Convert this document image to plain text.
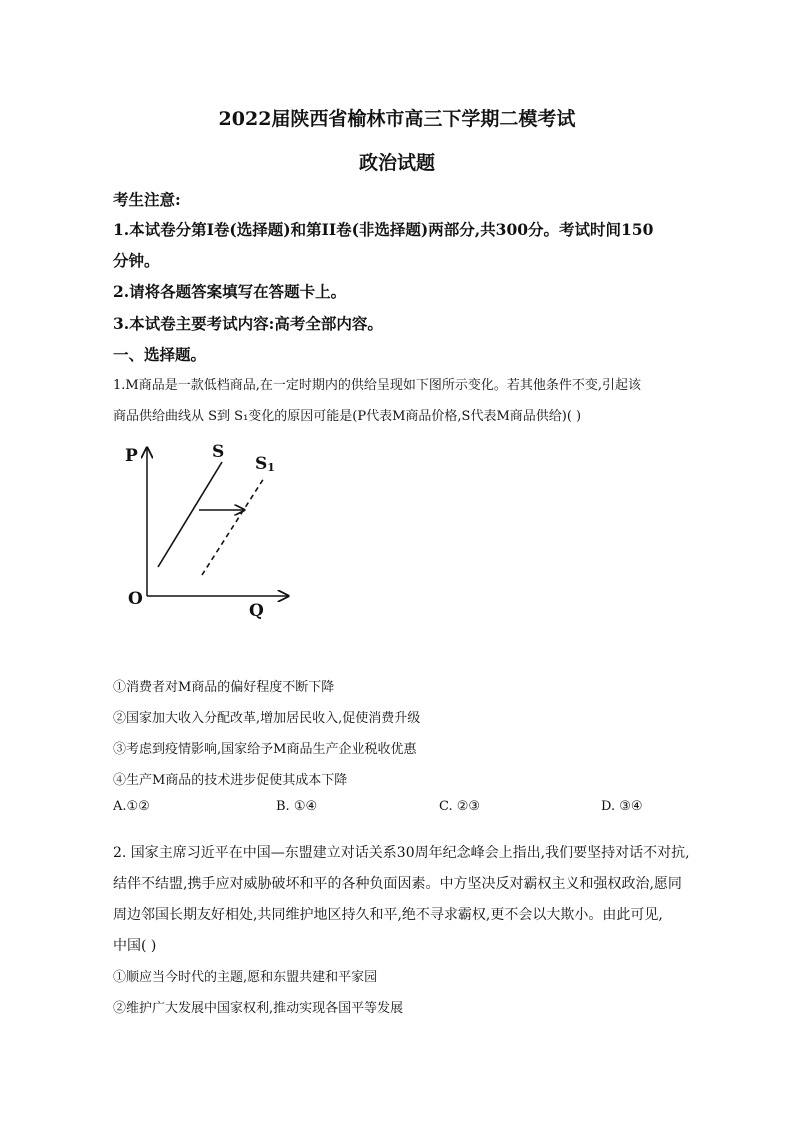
2022届陕西省榆林市高三下学期二模考试
政治试题
考生注意:
1.本试卷分第I卷(选择题)和第II卷(非选择题)两部分,共300分。考试时间150
分钟。
2.请将各题答案填写在答题卡上。
3.本试卷主要考试内容:高考全部内容。
一、选择题。
1.M商品是一款低档商品,在一定时期内的供给呈现如下图所示变化。若其他条件不变,引起该
商品供给曲线从 S到 S₁变化的原因可能是(P代表M商品价格,S代表M商品供给)( )
P
Q
O
S
S1
①消费者对M商品的偏好程度不断下降
②国家加大收入分配改革,增加居民收入,促使消费升级
③考虑到疫情影响,国家给予M商品生产企业税收优惠
④生产M商品的技术进步促使其成本下降
A.①②	B. ①④	C. ②③	D. ③④
2. 国家主席习近平在中国—东盟建立对话关系30周年纪念峰会上指出,我们要坚持对话不对抗,
结伴不结盟,携手应对威胁破坏和平的各种负面因素。中方坚决反对霸权主义和强权政治,愿同
周边邻国长期友好相处,共同维护地区持久和平,绝不寻求霸权,更不会以大欺小。由此可见,
中国( )
①顺应当今时代的主题,愿和东盟共建和平家园
②维护广大发展中国家权利,推动实现各国平等发展
